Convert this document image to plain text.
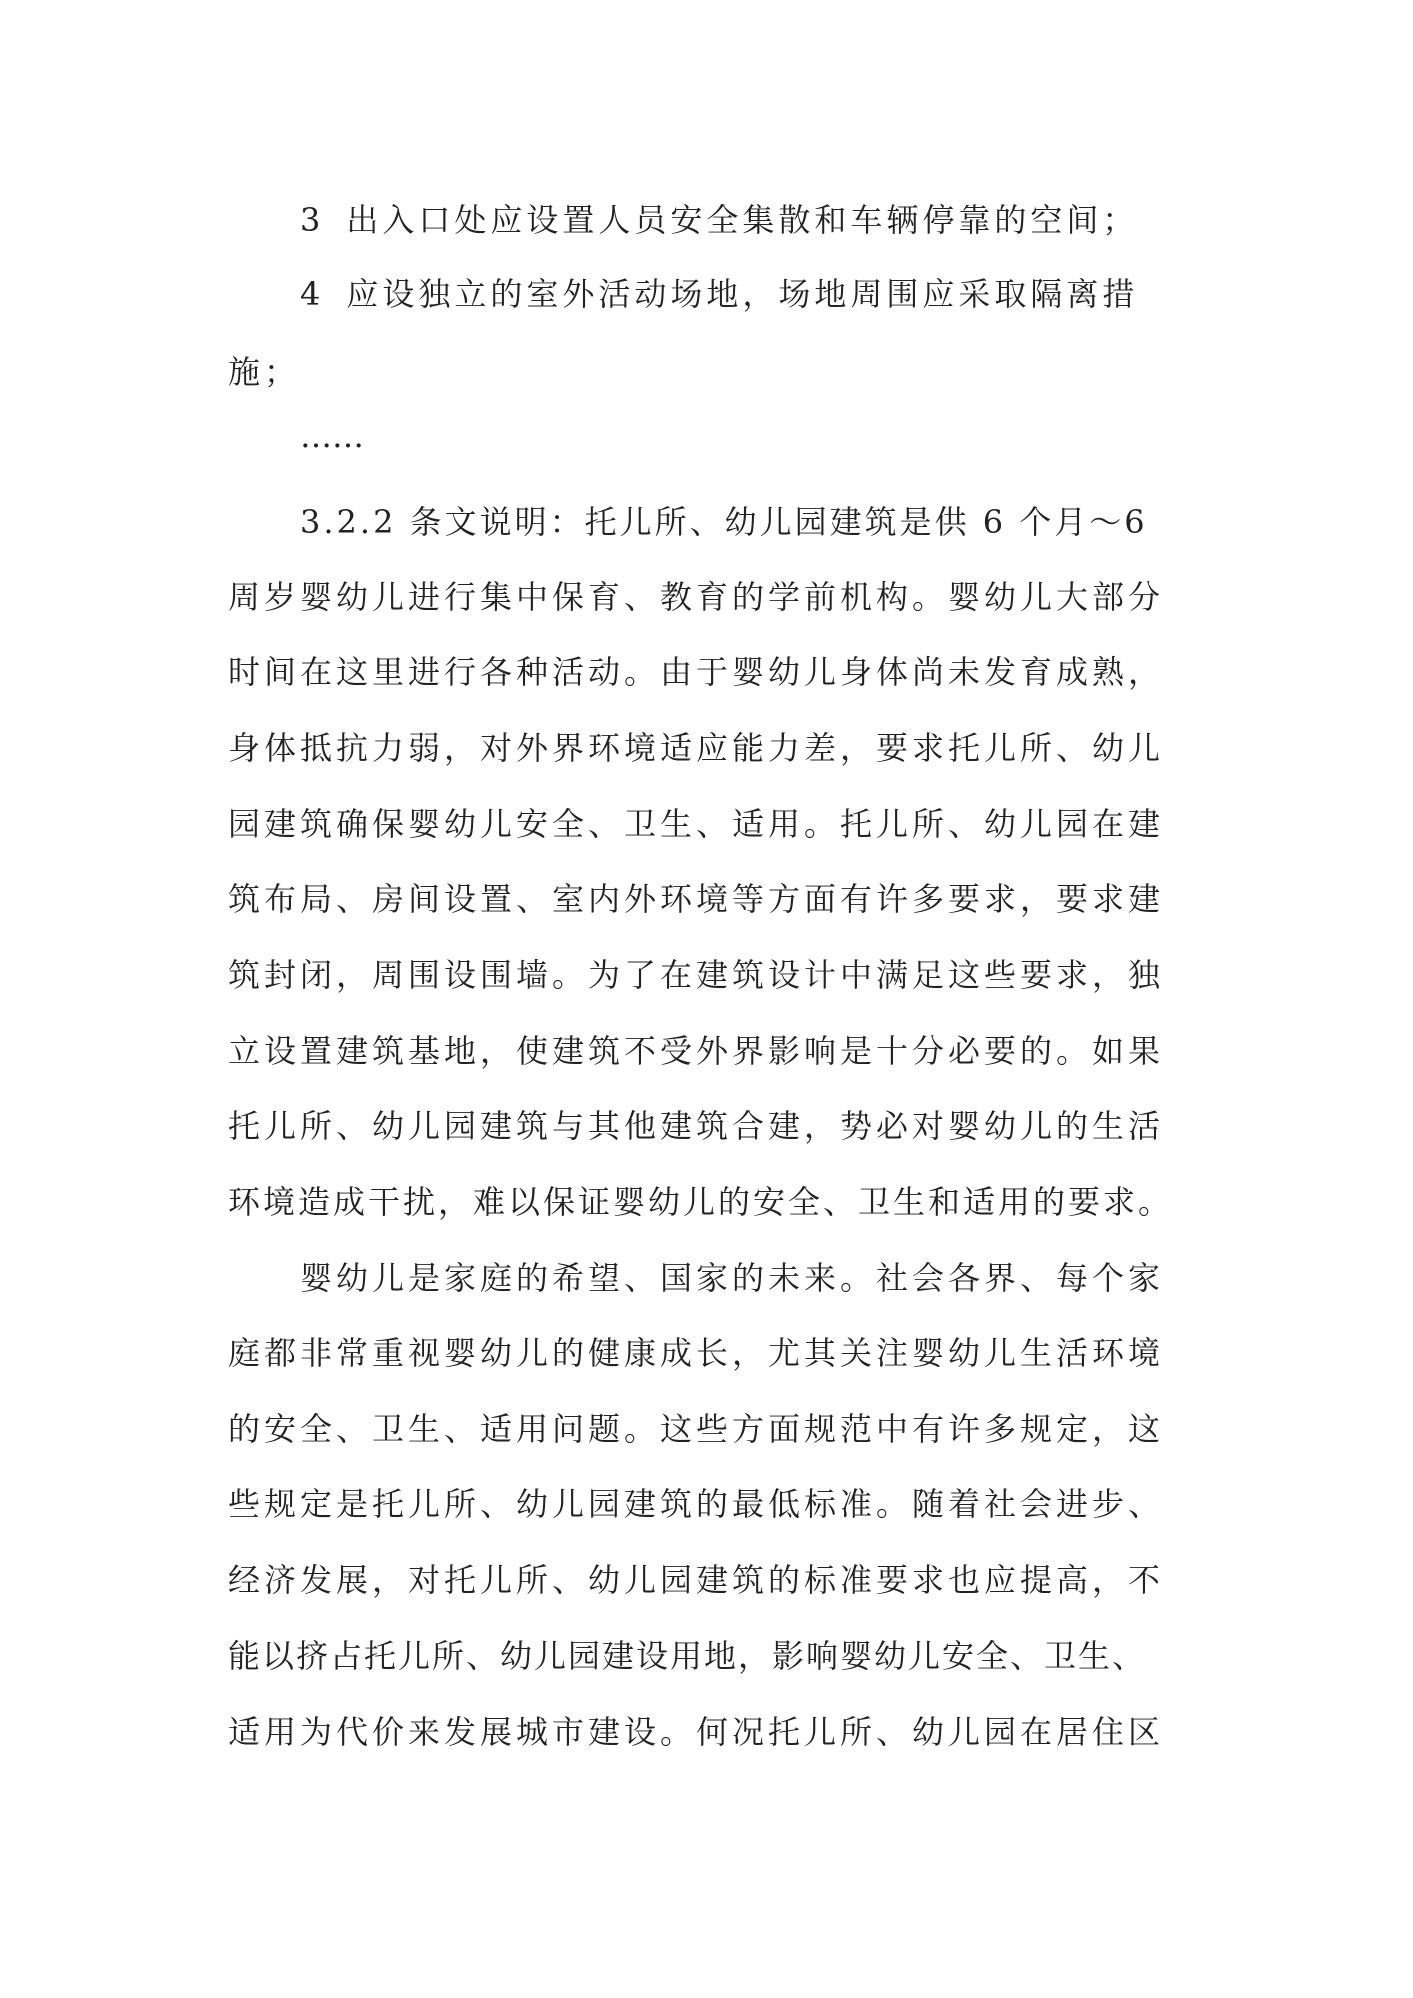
3 出入口处应设置人员安全集散和车辆停靠的空间；
4 应设独立的室外活动场地，场地周围应采取隔离措
施；
……
3.2.2 条文说明：托儿所、幼儿园建筑是供 6 个月～6
周岁婴幼儿进行集中保育、教育的学前机构。婴幼儿大部分
时间在这里进行各种活动。由于婴幼儿身体尚未发育成熟，
身体抵抗力弱，对外界环境适应能力差，要求托儿所、幼儿
园建筑确保婴幼儿安全、卫生、适用。托儿所、幼儿园在建
筑布局、房间设置、室内外环境等方面有许多要求，要求建
筑封闭，周围设围墙。为了在建筑设计中满足这些要求，独
立设置建筑基地，使建筑不受外界影响是十分必要的。如果
托儿所、幼儿园建筑与其他建筑合建，势必对婴幼儿的生活
环境造成干扰，难以保证婴幼儿的安全、卫生和适用的要求。
婴幼儿是家庭的希望、国家的未来。社会各界、每个家
庭都非常重视婴幼儿的健康成长，尤其关注婴幼儿生活环境
的安全、卫生、适用问题。这些方面规范中有许多规定，这
些规定是托儿所、幼儿园建筑的最低标准。随着社会进步、
经济发展，对托儿所、幼儿园建筑的标准要求也应提高，不
能以挤占托儿所、幼儿园建设用地，影响婴幼儿安全、卫生、
适用为代价来发展城市建设。何况托儿所、幼儿园在居住区
